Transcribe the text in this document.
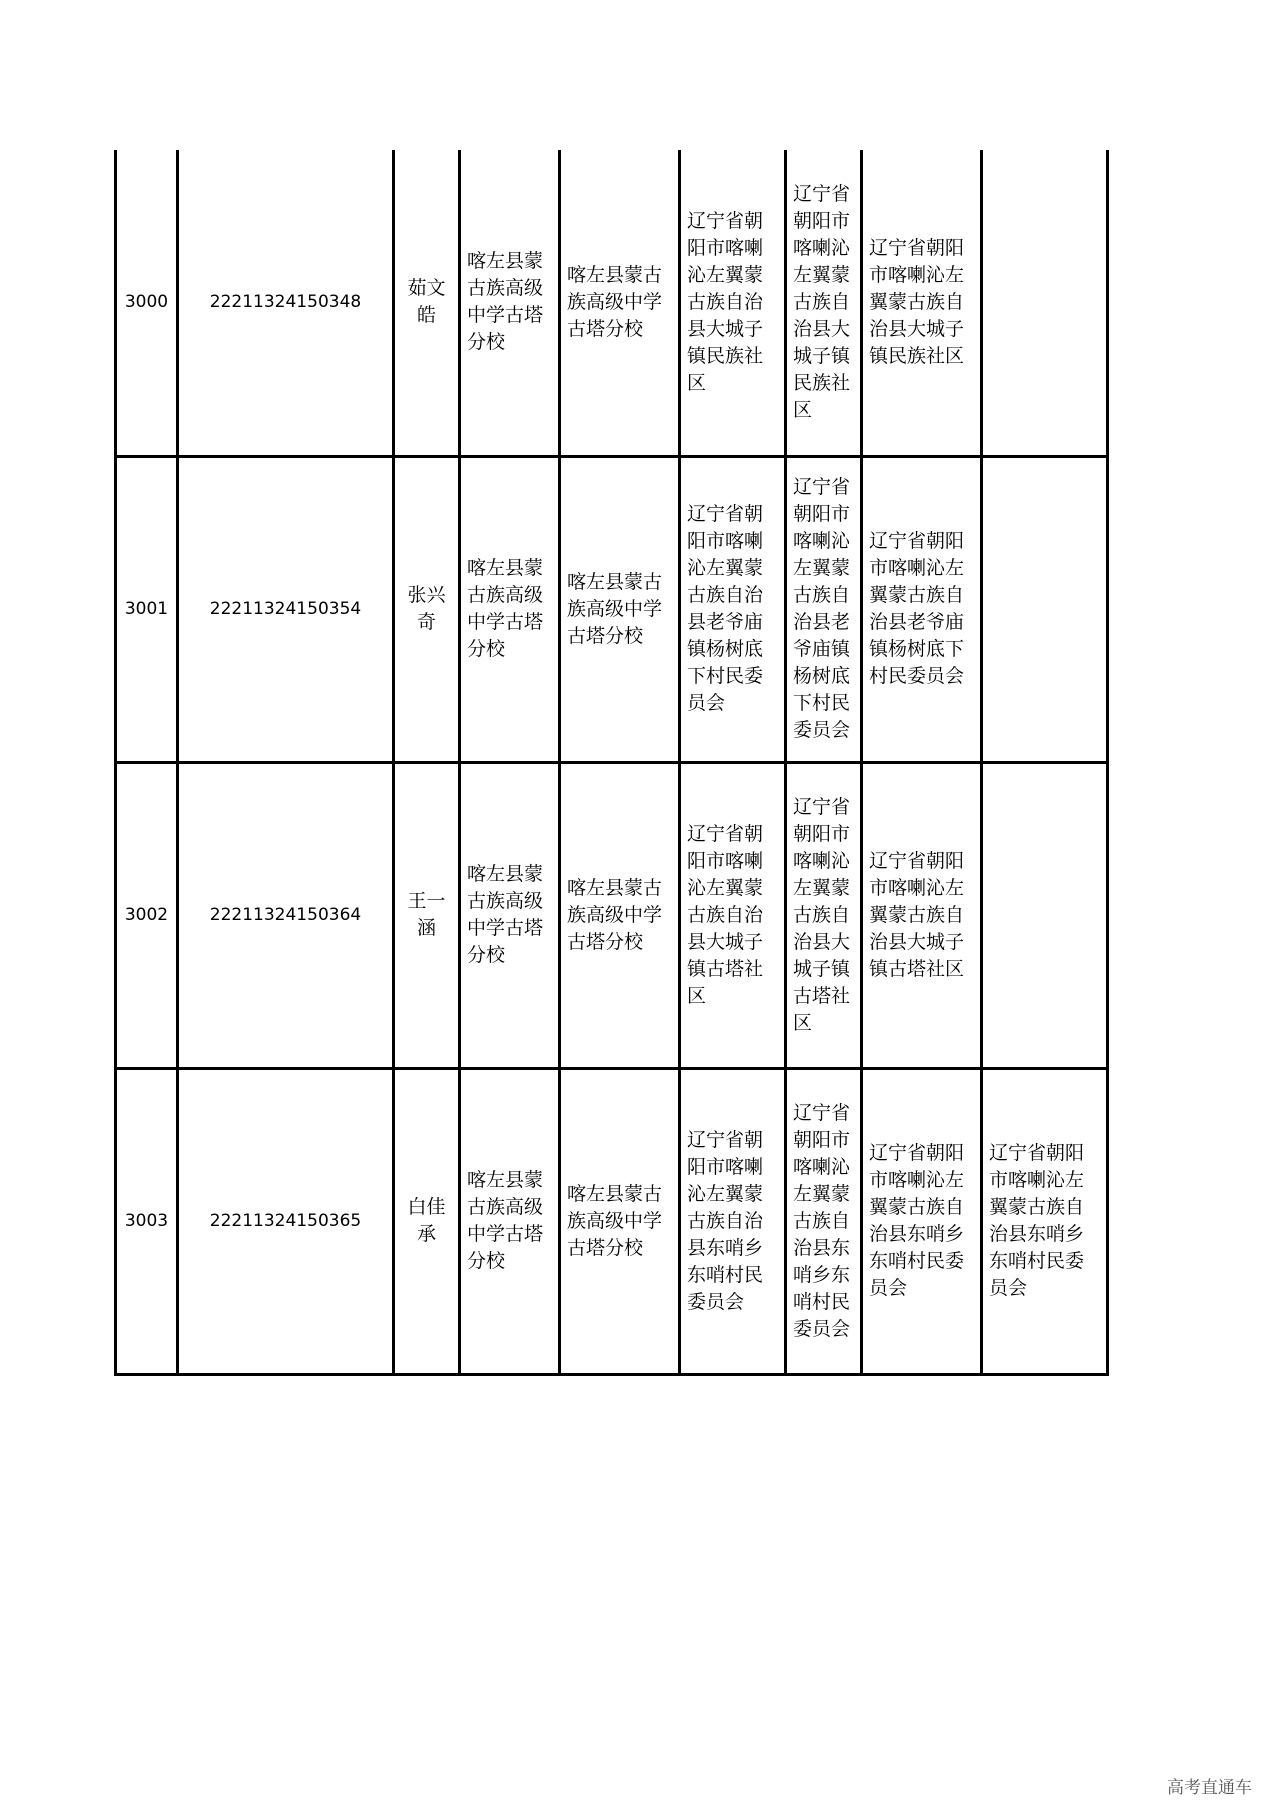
3000	22211324150348	茹文皓	喀左县蒙古族高级中学古塔分校	喀左县蒙古族高级中学古塔分校	辽宁省朝阳市喀喇沁左翼蒙古族自治县大城子镇民族社区	辽宁省朝阳市喀喇沁左翼蒙古族自治县大城子镇民族社区	辽宁省朝阳市喀喇沁左翼蒙古族自治县大城子镇民族社区	
3001	22211324150354	张兴奇	喀左县蒙古族高级中学古塔分校	喀左县蒙古族高级中学古塔分校	辽宁省朝阳市喀喇沁左翼蒙古族自治县老爷庙镇杨树底下村民委员会	辽宁省朝阳市喀喇沁左翼蒙古族自治县老爷庙镇杨树底下村民委员会	辽宁省朝阳市喀喇沁左翼蒙古族自治县老爷庙镇杨树底下村民委员会	
3002	22211324150364	王一涵	喀左县蒙古族高级中学古塔分校	喀左县蒙古族高级中学古塔分校	辽宁省朝阳市喀喇沁左翼蒙古族自治县大城子镇古塔社区	辽宁省朝阳市喀喇沁左翼蒙古族自治县大城子镇古塔社区	辽宁省朝阳市喀喇沁左翼蒙古族自治县大城子镇古塔社区	
3003	22211324150365	白佳承	喀左县蒙古族高级中学古塔分校	喀左县蒙古族高级中学古塔分校	辽宁省朝阳市喀喇沁左翼蒙古族自治县东哨乡东哨村民委员会	辽宁省朝阳市喀喇沁左翼蒙古族自治县东哨乡东哨村民委员会	辽宁省朝阳市喀喇沁左翼蒙古族自治县东哨乡东哨村民委员会	辽宁省朝阳市喀喇沁左翼蒙古族自治县东哨乡东哨村民委员会
高考直通车
